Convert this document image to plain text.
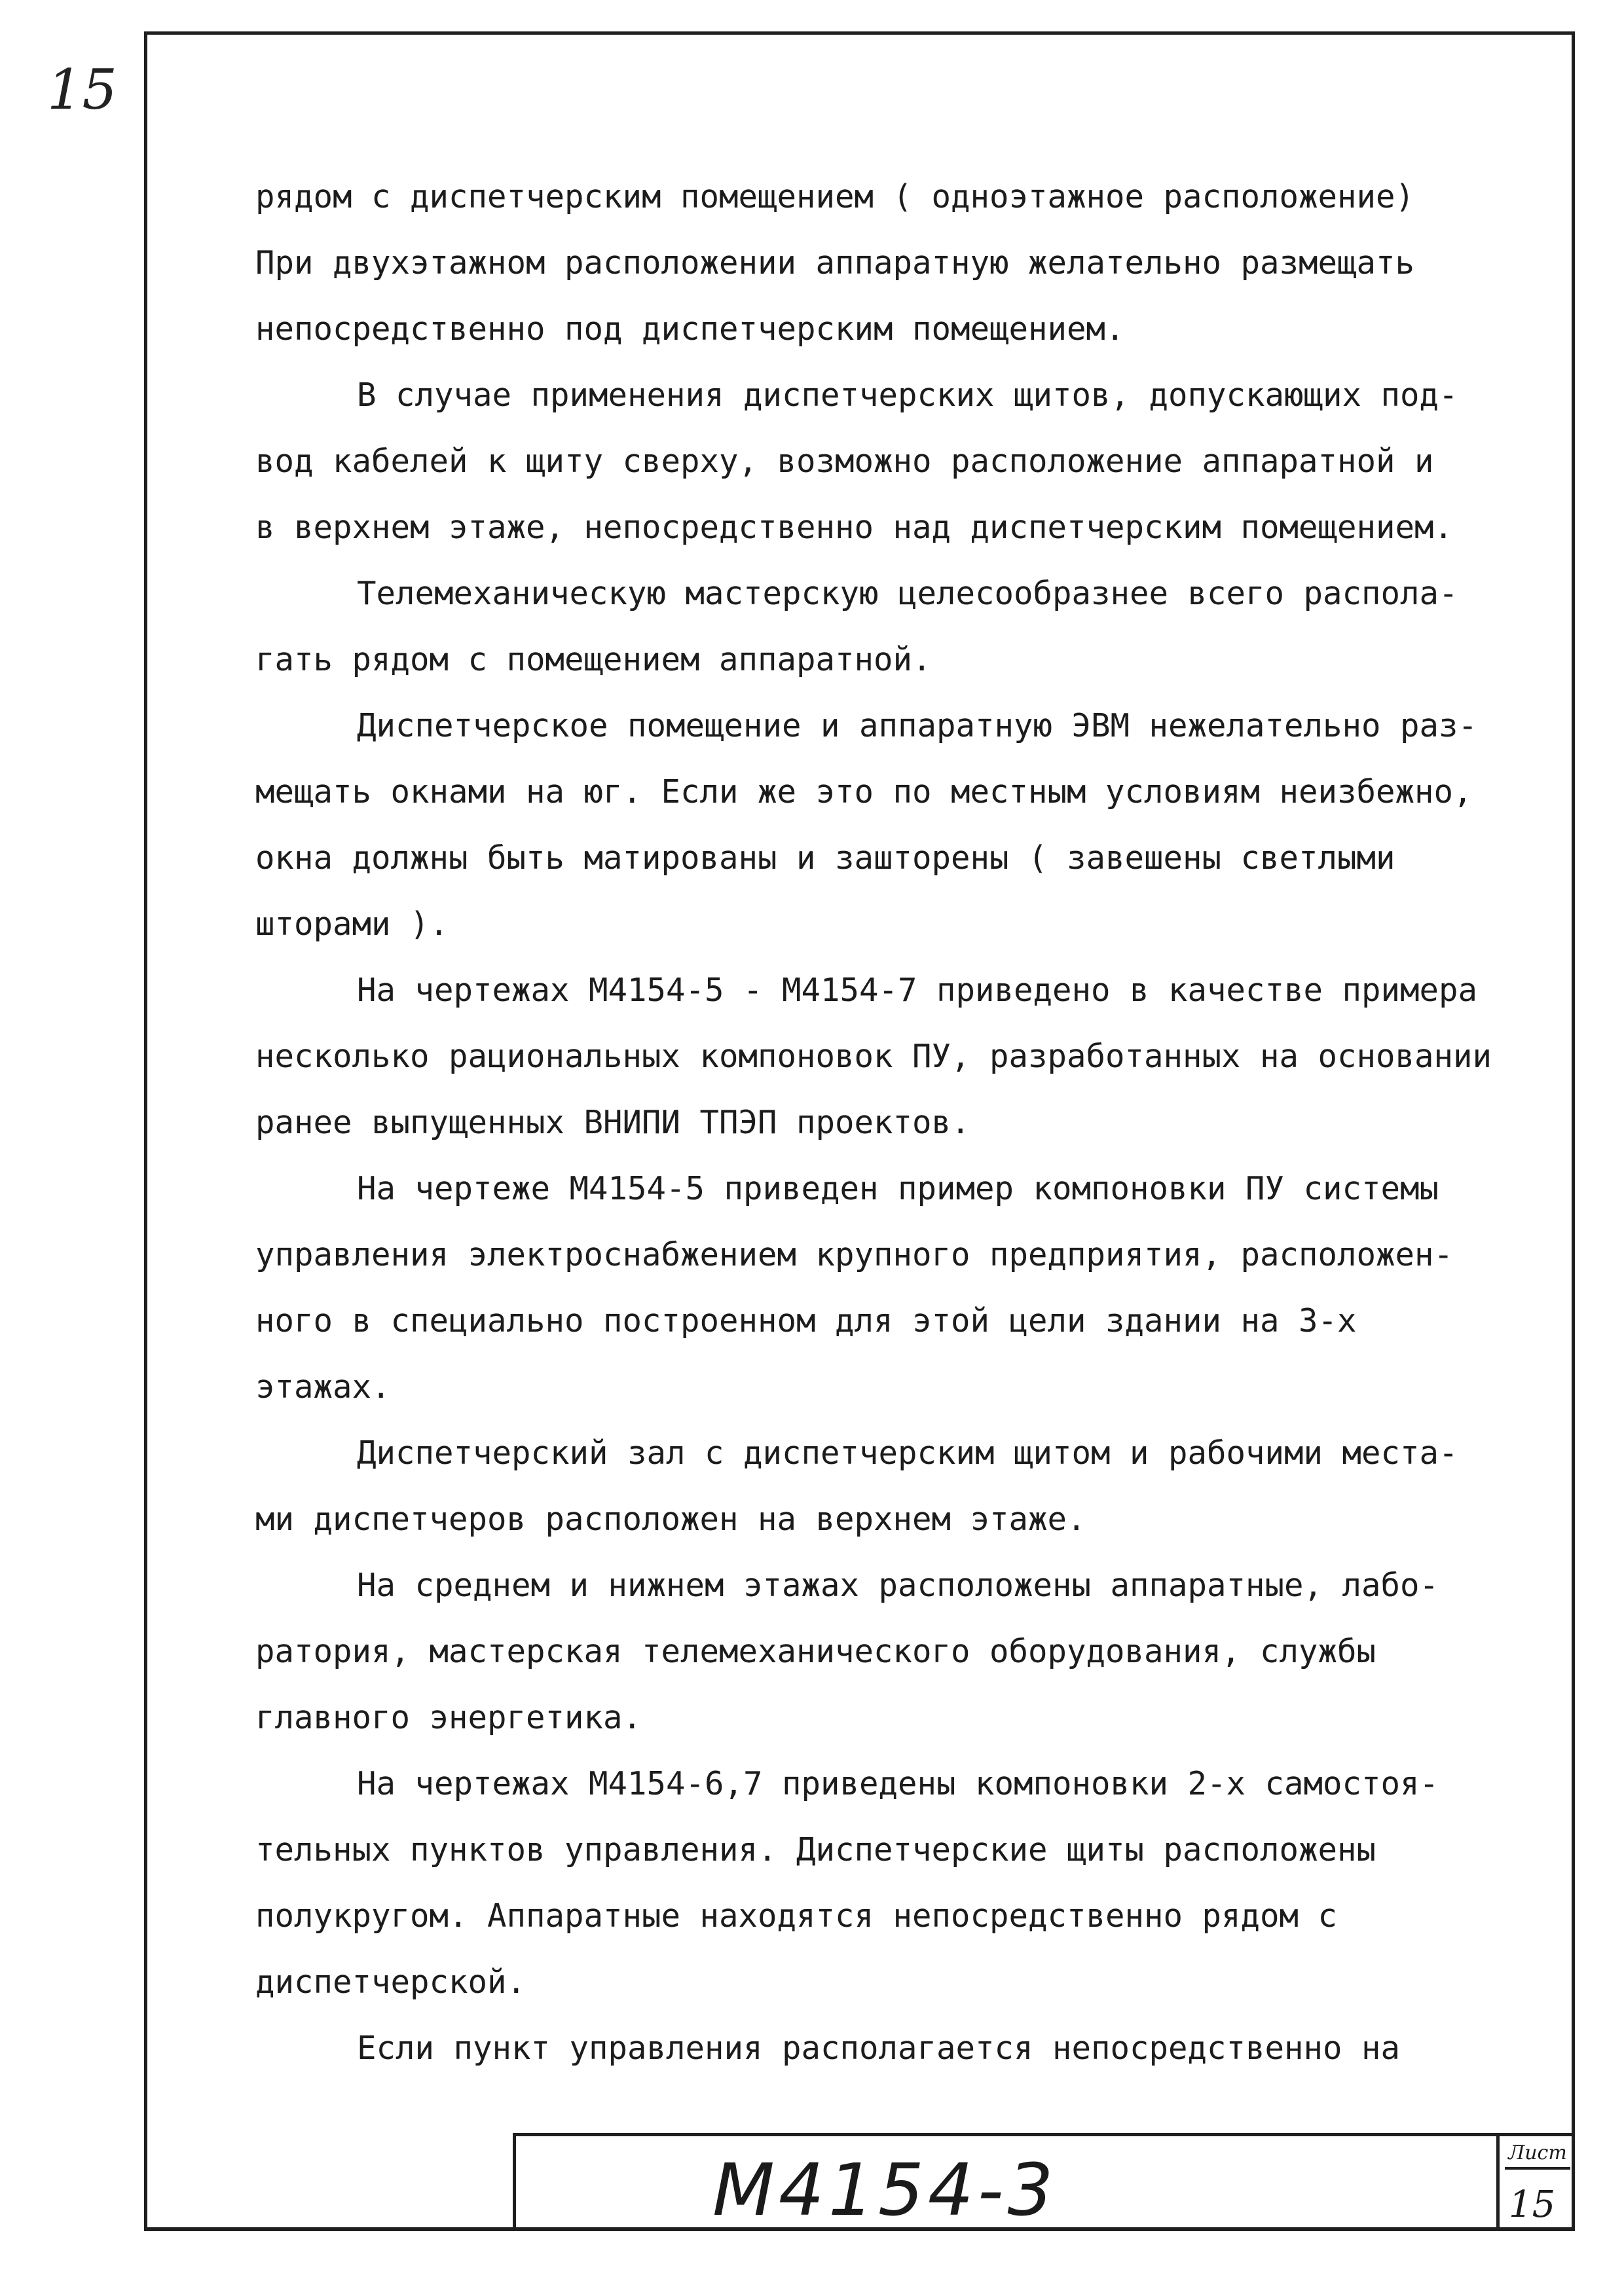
15
рядом с диспетчерским помещением ( одноэтажное расположение)
При двухэтажном расположении аппаратную желательно размещать
непосредственно под диспетчерским помещением.
В случае применения диспетчерских щитов, допускающих под-
вод кабелей к щиту сверху, возможно расположение аппаратной и
в верхнем этаже, непосредственно над диспетчерским помещением.
Телемеханическую мастерскую целесообразнее всего распола-
гать рядом с помещением аппаратной.
Диспетчерское помещение и аппаратную ЭВМ нежелательно раз-
мещать окнами на юг. Если же это по местным условиям неизбежно,
окна должны быть матированы и зашторены ( завешены светлыми
шторами ).
На чертежах М4154-5 - М4154-7 приведено в качестве примера
несколько рациональных компоновок ПУ, разработанных на основании
ранее выпущенных ВНИПИ ТПЭП проектов.
На чертеже М4154-5 приведен пример компоновки ПУ системы
управления электроснабжением крупного предприятия, расположен-
ного в специально построенном для этой цели здании на 3-х
этажах.
Диспетчерский зал с диспетчерским щитом и рабочими места-
ми диспетчеров расположен на верхнем этаже.
На среднем и нижнем этажах расположены аппаратные, лабо-
ратория, мастерская телемеханического оборудования, службы
главного энергетика.
На чертежах М4154-6,7 приведены компоновки 2-х самостоя-
тельных пунктов управления. Диспетчерские щиты расположены
полукругом. Аппаратные находятся непосредственно рядом с
диспетчерской.
Если пункт управления располагается непосредственно на
М4154-3	Лист
15
